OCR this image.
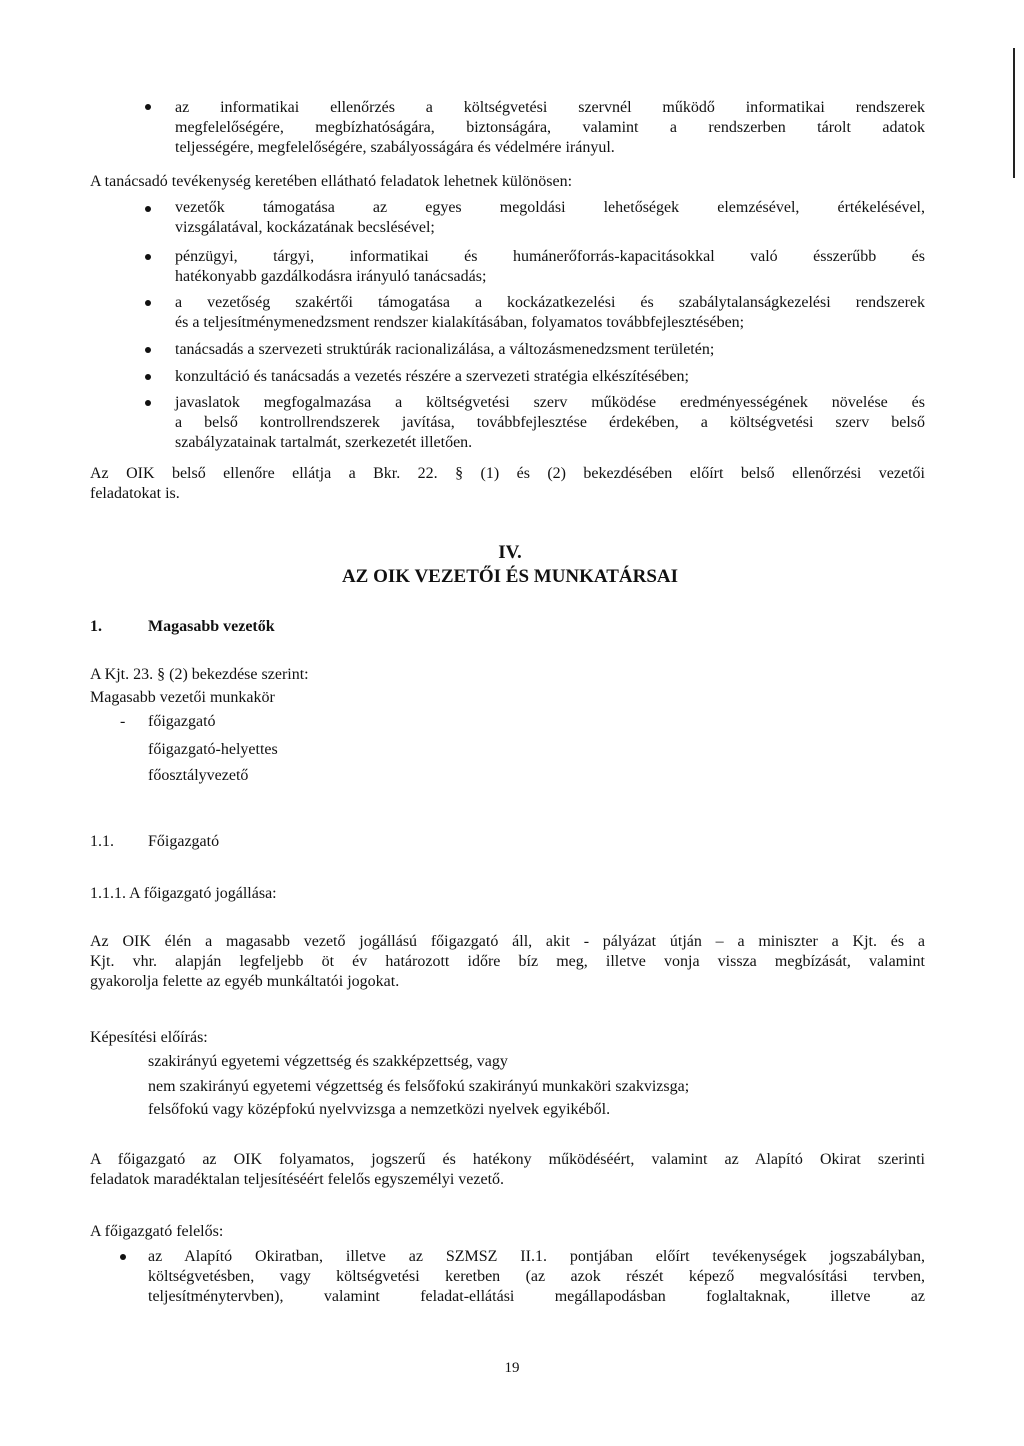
az informatikai ellenőrzés a költségvetési szervnél működő informatikai rendszerek
megfelelőségére, megbízhatóságára, biztonságára, valamint a rendszerben tárolt adatok
teljességére, megfelelőségére, szabályosságára és védelmére irányul.
A tanácsadó tevékenység keretében ellátható feladatok lehetnek különösen:
vezetők támogatása az egyes megoldási lehetőségek elemzésével, értékelésével,
vizsgálatával, kockázatának becslésével;
pénzügyi, tárgyi, informatikai és humánerőforrás-kapacitásokkal való ésszerűbb és
hatékonyabb gazdálkodásra irányuló tanácsadás;
a vezetőség szakértői támogatása a kockázatkezelési és szabálytalanságkezelési rendszerek
és a teljesítménymenedzsment rendszer kialakításában, folyamatos továbbfejlesztésében;
tanácsadás a szervezeti struktúrák racionalizálása, a változásmenedzsment területén;
konzultáció és tanácsadás a vezetés részére a szervezeti stratégia elkészítésében;
javaslatok megfogalmazása a költségvetési szerv működése eredményességének növelése és
a belső kontrollrendszerek javítása, továbbfejlesztése érdekében, a költségvetési szerv belső
szabályzatainak tartalmát, szerkezetét illetően.
Az OIK belső ellenőre ellátja a Bkr. 22. § (1) és (2) bekezdésében előírt belső ellenőrzési vezetői
feladatokat is.
IV.
AZ OIK VEZETŐI ÉS MUNKATÁRSAI
1.	Magasabb vezetők
A Kjt. 23. § (2) bekezdése szerint:
Magasabb vezetői munkakör
- főigazgató
főigazgató-helyettes
főosztályvezető
1.1. Főigazgató
1.1.1. A főigazgató jogállása:
Az OIK élén a magasabb vezető jogállású főigazgató áll, akit - pályázat útján – a miniszter a Kjt. és a
Kjt. vhr. alapján legfeljebb öt év határozott időre bíz meg, illetve vonja vissza megbízását, valamint
gyakorolja felette az egyéb munkáltatói jogokat.
Képesítési előírás:
szakirányú egyetemi végzettség és szakképzettség, vagy
nem szakirányú egyetemi végzettség és felsőfokú szakirányú munkaköri szakvizsga;
felsőfokú vagy középfokú nyelvvizsga a nemzetközi nyelvek egyikéből.
A főigazgató az OIK folyamatos, jogszerű és hatékony működéséért, valamint az Alapító Okirat szerinti
feladatok maradéktalan teljesítéséért felelős egyszemélyi vezető.
A főigazgató felelős:
az Alapító Okiratban, illetve az SZMSZ II.1. pontjában előírt tevékenységek jogszabályban,
költségvetésben, vagy költségvetési keretben (az azok részét képező megvalósítási tervben,
teljesítménytervben), valamint feladat-ellátási megállapodásban foglaltaknak, illetve az
19
